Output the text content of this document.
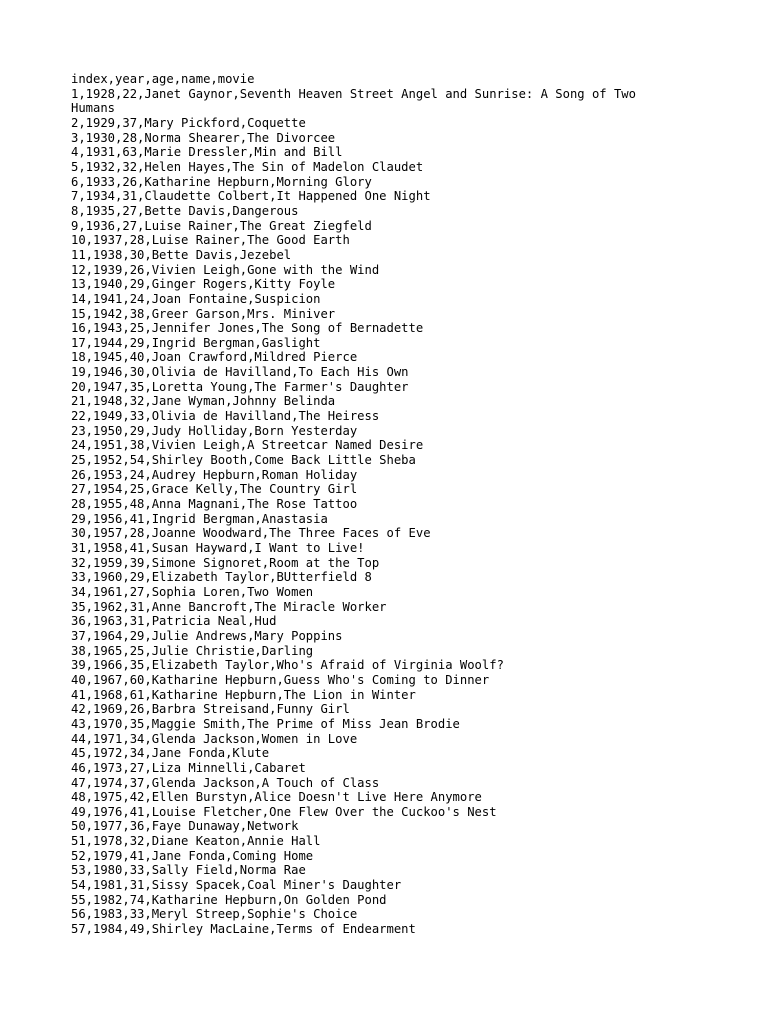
index,year,age,name,movie
1,1928,22,Janet Gaynor,Seventh Heaven Street Angel and Sunrise: A Song of Two Humans
2,1929,37,Mary Pickford,Coquette
3,1930,28,Norma Shearer,The Divorcee
4,1931,63,Marie Dressler,Min and Bill
5,1932,32,Helen Hayes,The Sin of Madelon Claudet
6,1933,26,Katharine Hepburn,Morning Glory
7,1934,31,Claudette Colbert,It Happened One Night
8,1935,27,Bette Davis,Dangerous
9,1936,27,Luise Rainer,The Great Ziegfeld
10,1937,28,Luise Rainer,The Good Earth
11,1938,30,Bette Davis,Jezebel
12,1939,26,Vivien Leigh,Gone with the Wind
13,1940,29,Ginger Rogers,Kitty Foyle
14,1941,24,Joan Fontaine,Suspicion
15,1942,38,Greer Garson,Mrs. Miniver
16,1943,25,Jennifer Jones,The Song of Bernadette
17,1944,29,Ingrid Bergman,Gaslight
18,1945,40,Joan Crawford,Mildred Pierce
19,1946,30,Olivia de Havilland,To Each His Own
20,1947,35,Loretta Young,The Farmer's Daughter
21,1948,32,Jane Wyman,Johnny Belinda
22,1949,33,Olivia de Havilland,The Heiress
23,1950,29,Judy Holliday,Born Yesterday
24,1951,38,Vivien Leigh,A Streetcar Named Desire
25,1952,54,Shirley Booth,Come Back Little Sheba
26,1953,24,Audrey Hepburn,Roman Holiday
27,1954,25,Grace Kelly,The Country Girl
28,1955,48,Anna Magnani,The Rose Tattoo
29,1956,41,Ingrid Bergman,Anastasia
30,1957,28,Joanne Woodward,The Three Faces of Eve
31,1958,41,Susan Hayward,I Want to Live!
32,1959,39,Simone Signoret,Room at the Top
33,1960,29,Elizabeth Taylor,BUtterfield 8
34,1961,27,Sophia Loren,Two Women
35,1962,31,Anne Bancroft,The Miracle Worker
36,1963,31,Patricia Neal,Hud
37,1964,29,Julie Andrews,Mary Poppins
38,1965,25,Julie Christie,Darling
39,1966,35,Elizabeth Taylor,Who's Afraid of Virginia Woolf?
40,1967,60,Katharine Hepburn,Guess Who's Coming to Dinner
41,1968,61,Katharine Hepburn,The Lion in Winter
42,1969,26,Barbra Streisand,Funny Girl
43,1970,35,Maggie Smith,The Prime of Miss Jean Brodie
44,1971,34,Glenda Jackson,Women in Love
45,1972,34,Jane Fonda,Klute
46,1973,27,Liza Minnelli,Cabaret
47,1974,37,Glenda Jackson,A Touch of Class
48,1975,42,Ellen Burstyn,Alice Doesn't Live Here Anymore
49,1976,41,Louise Fletcher,One Flew Over the Cuckoo's Nest
50,1977,36,Faye Dunaway,Network
51,1978,32,Diane Keaton,Annie Hall
52,1979,41,Jane Fonda,Coming Home
53,1980,33,Sally Field,Norma Rae
54,1981,31,Sissy Spacek,Coal Miner's Daughter
55,1982,74,Katharine Hepburn,On Golden Pond
56,1983,33,Meryl Streep,Sophie's Choice
57,1984,49,Shirley MacLaine,Terms of Endearment
